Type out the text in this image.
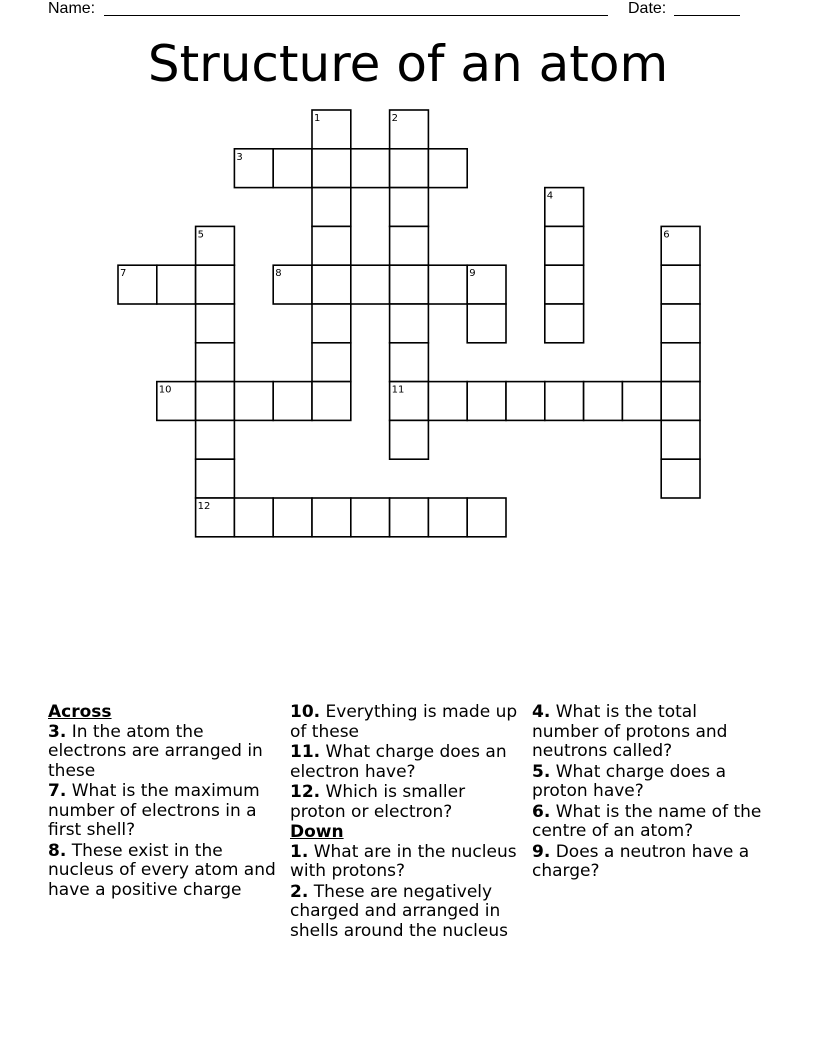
Name:	Date:
Structure of an atom
1	2
3
4
5	6
7	8	9
10	11
12
Across
3. In the atom the electrons are arranged in these
7. What is the maximum number of electrons in a first shell?
8. These exist in the nucleus of every atom and have a positive charge
10. Everything is made up of these
11. What charge does an electron have?
12. Which is smaller proton or electron?
Down
1. What are in the nucleus with protons?
2. These are negatively charged and arranged in shells around the nucleus
4. What is the total number of protons and neutrons called?
5. What charge does a proton have?
6. What is the name of the centre of an atom?
9. Does a neutron have a charge?
